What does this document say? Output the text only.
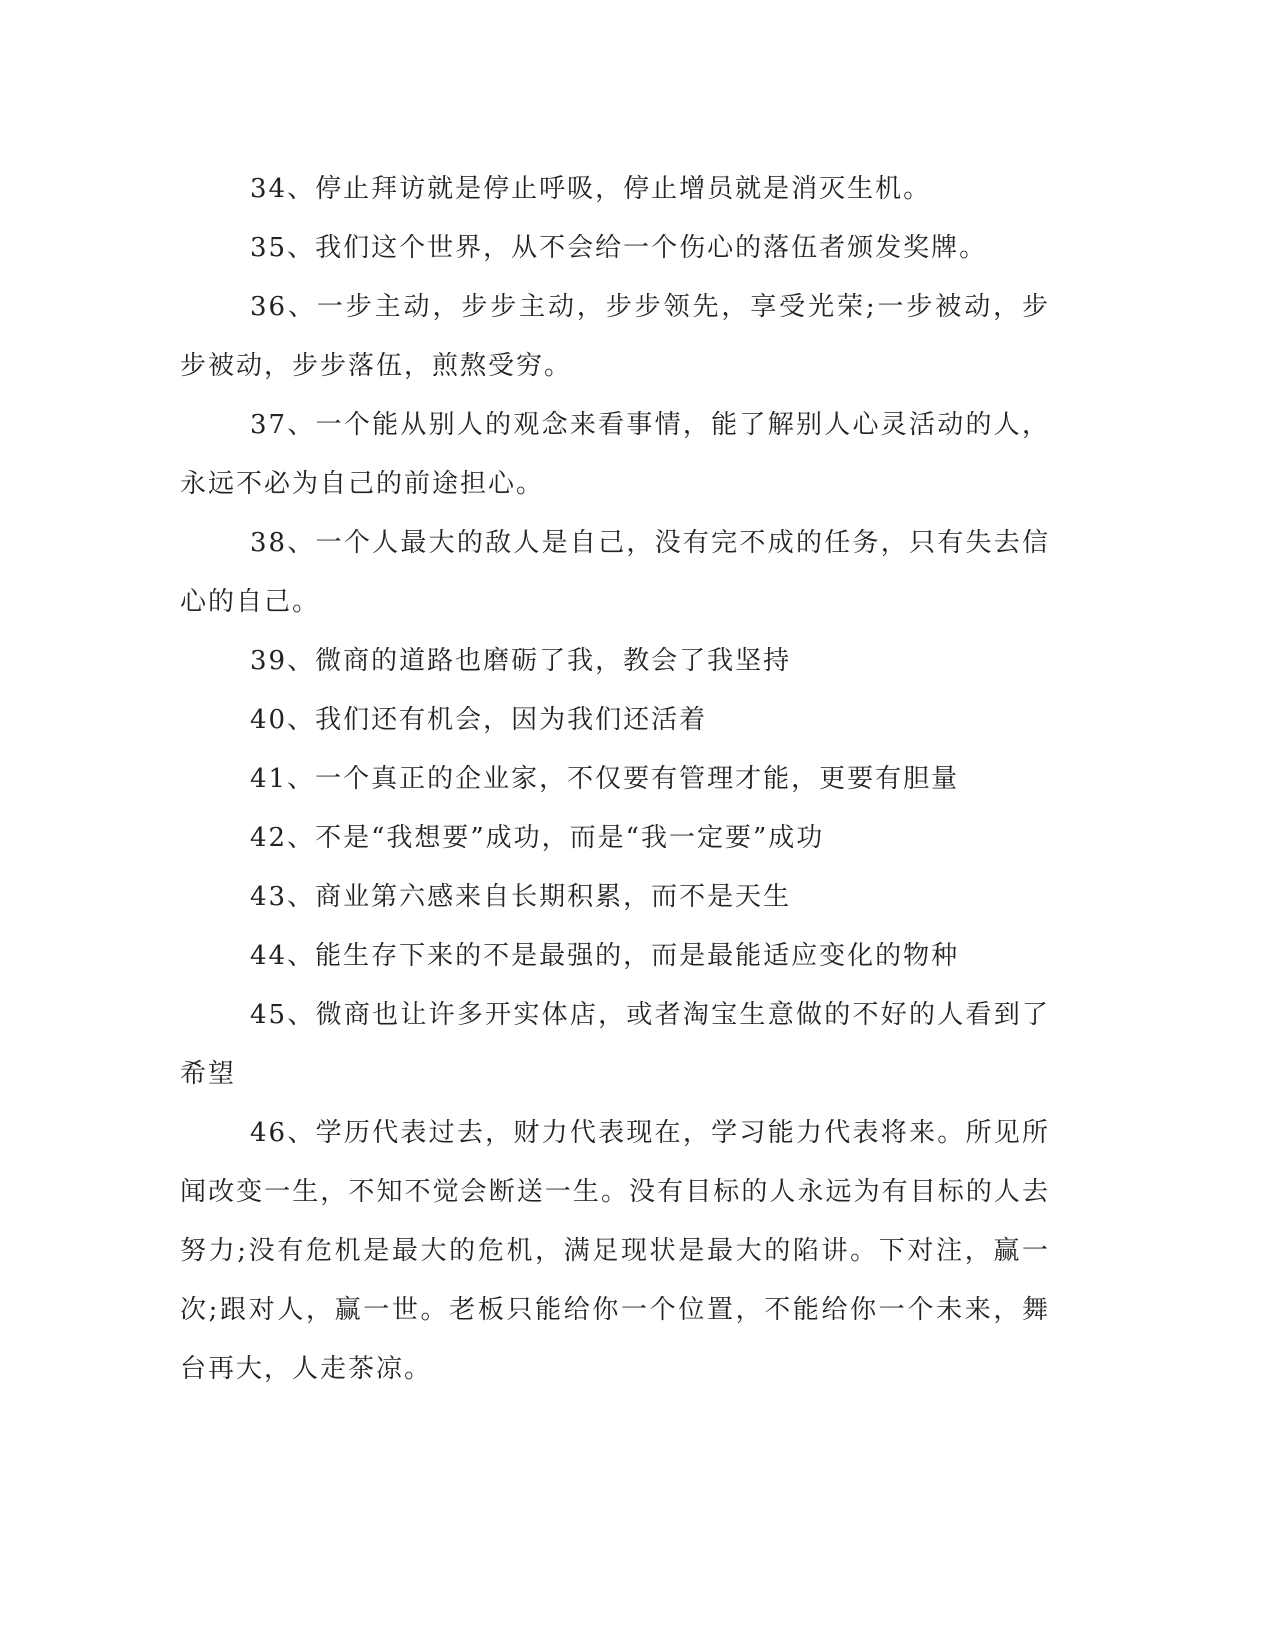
34、停止拜访就是停止呼吸，停止增员就是消灭生机。

35、我们这个世界，从不会给一个伤心的落伍者颁发奖牌。

36、一步主动，步步主动，步步领先，享受光荣;一步被动，步步被动，步步落伍，煎熬受穷。

37、一个能从别人的观念来看事情，能了解别人心灵活动的人，永远不必为自己的前途担心。

38、一个人最大的敌人是自己，没有完不成的任务，只有失去信心的自己。

39、微商的道路也磨砺了我，教会了我坚持

40、我们还有机会，因为我们还活着

41、一个真正的企业家，不仅要有管理才能，更要有胆量

42、不是“我想要”成功，而是“我一定要”成功

43、商业第六感来自长期积累，而不是天生

44、能生存下来的不是最强的，而是最能适应变化的物种

45、微商也让许多开实体店，或者淘宝生意做的不好的人看到了希望

46、学历代表过去，财力代表现在，学习能力代表将来。所见所闻改变一生，不知不觉会断送一生。没有目标的人永远为有目标的人去努力;没有危机是最大的危机，满足现状是最大的陷讲。下对注，赢一次;跟对人，赢一世。老板只能给你一个位置，不能给你一个未来，舞台再大，人走茶凉。
